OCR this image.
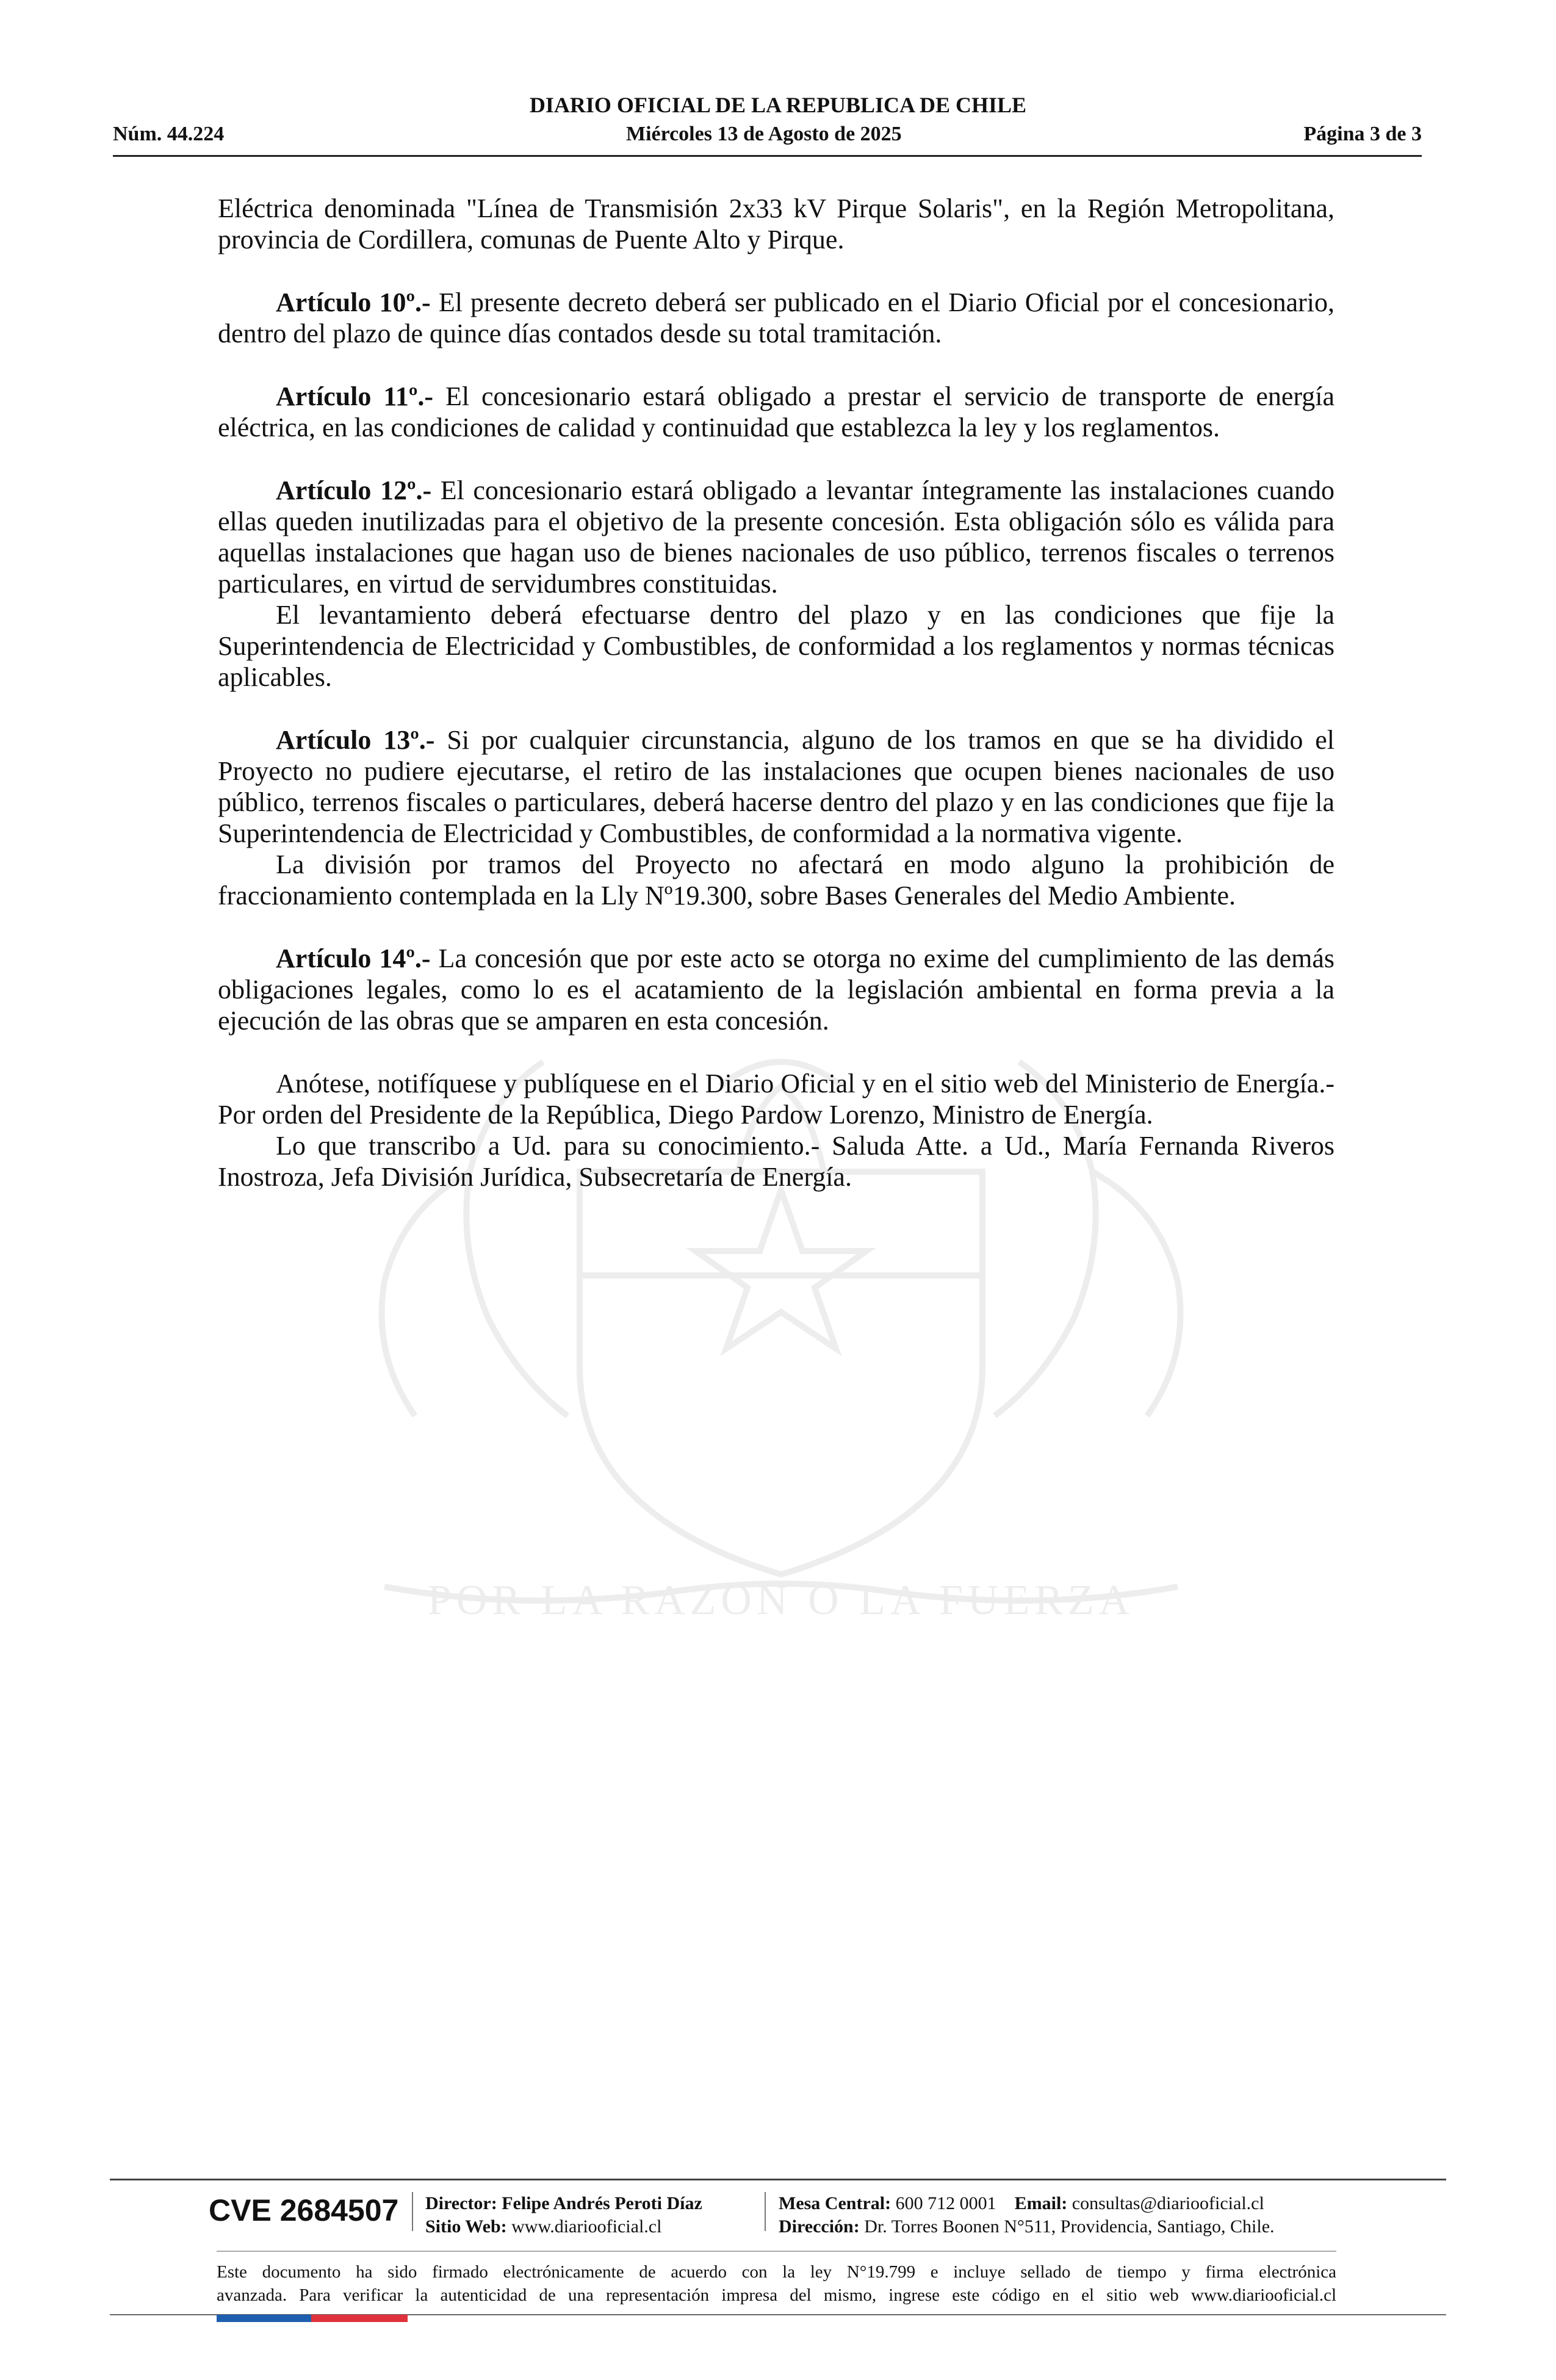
DIARIO OFICIAL DE LA REPUBLICA DE CHILE
Núm. 44.224	Miércoles 13 de Agosto de 2025	Página 3 de 3
POR LA RAZON O LA FUERZA

Eléctrica denominada "Línea de Transmisión 2x33 kV Pirque Solaris", en la Región Metropolitana, provincia de Cordillera, comunas de Puente Alto y Pirque.

Artículo 10º.- El presente decreto deberá ser publicado en el Diario Oficial por el concesionario, dentro del plazo de quince días contados desde su total tramitación.

Artículo 11º.- El concesionario estará obligado a prestar el servicio de transporte de energía eléctrica, en las condiciones de calidad y continuidad que establezca la ley y los reglamentos.

Artículo 12º.- El concesionario estará obligado a levantar íntegramente las instalaciones cuando ellas queden inutilizadas para el objetivo de la presente concesión. Esta obligación sólo es válida para aquellas instalaciones que hagan uso de bienes nacionales de uso público, terrenos fiscales o terrenos particulares, en virtud de servidumbres constituidas.

El levantamiento deberá efectuarse dentro del plazo y en las condiciones que fije la Superintendencia de Electricidad y Combustibles, de conformidad a los reglamentos y normas técnicas aplicables.

Artículo 13º.- Si por cualquier circunstancia, alguno de los tramos en que se ha dividido el Proyecto no pudiere ejecutarse, el retiro de las instalaciones que ocupen bienes nacionales de uso público, terrenos fiscales o particulares, deberá hacerse dentro del plazo y en las condiciones que fije la Superintendencia de Electricidad y Combustibles, de conformidad a la normativa vigente.

La división por tramos del Proyecto no afectará en modo alguno la prohibición de fraccionamiento contemplada en la Lly Nº19.300, sobre Bases Generales del Medio Ambiente.

Artículo 14º.- La concesión que por este acto se otorga no exime del cumplimiento de las demás obligaciones legales, como lo es el acatamiento de la legislación ambiental en forma previa a la ejecución de las obras que se amparen en esta concesión.

Anótese, notifíquese y publíquese en el Diario Oficial y en el sitio web del Ministerio de Energía.- Por orden del Presidente de la República, Diego Pardow Lorenzo, Ministro de Energía.

Lo que transcribo a Ud. para su conocimiento.- Saluda Atte. a Ud., María Fernanda Riveros Inostroza, Jefa División Jurídica, Subsecretaría de Energía.

CVE 2684507 Director: Felipe Andrés Peroti Díaz
Sitio Web: www.diariooficial.cl
Mesa Central: 600 712 0001 Email: consultas@diariooficial.cl
Dirección: Dr. Torres Boonen N°511, Providencia, Santiago, Chile.
Este documento ha sido firmado electrónicamente de acuerdo con la ley N°19.799 e incluye sellado de tiempo y firma electrónica
avanzada. Para verificar la autenticidad de una representación impresa del mismo, ingrese este código en el sitio web www.diariooficial.cl
